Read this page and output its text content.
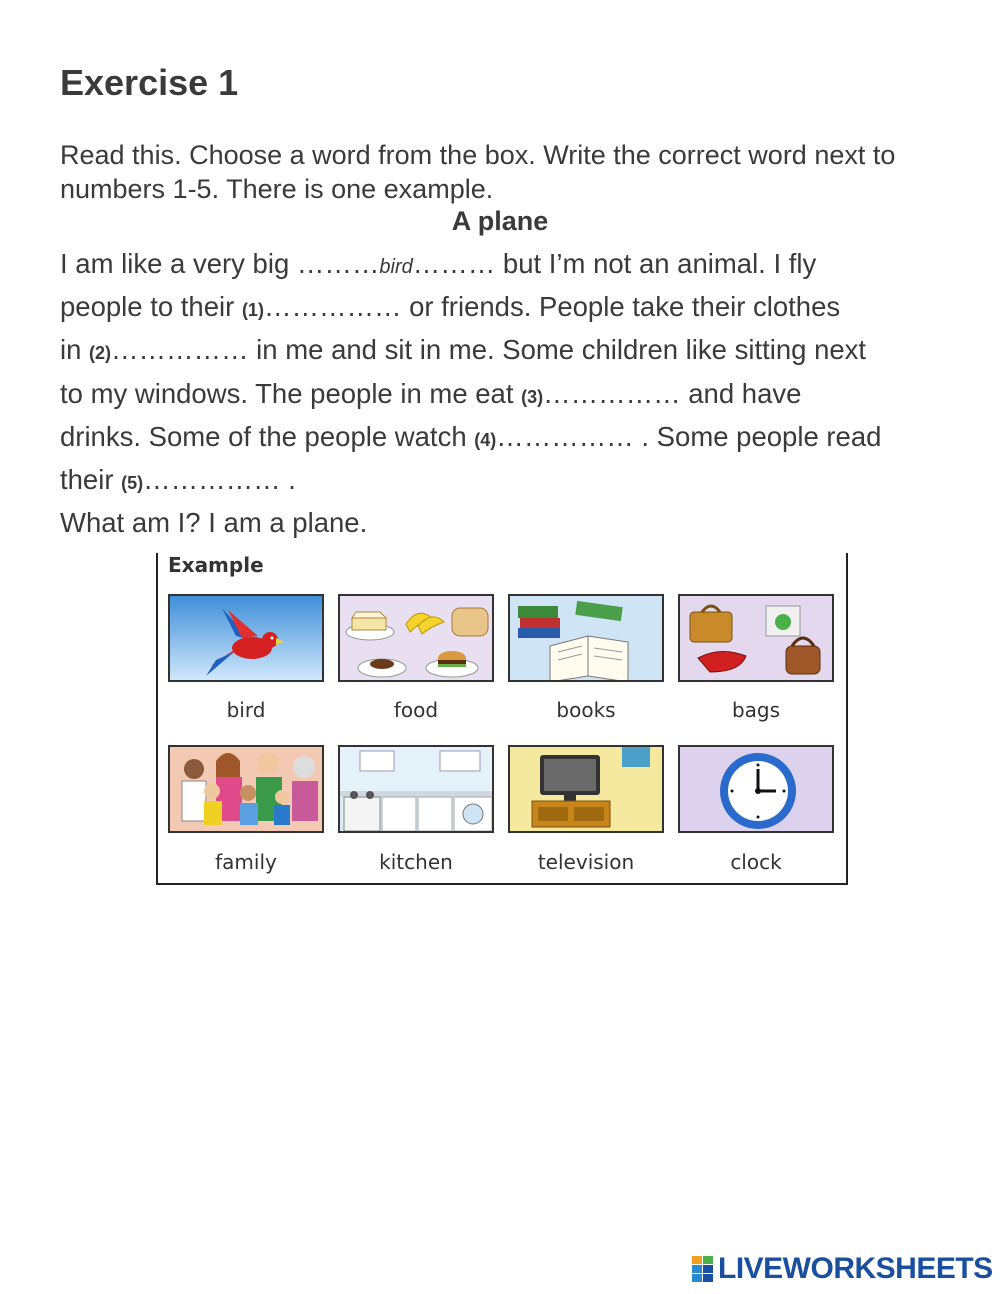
Exercise 1
Read this. Choose a word from the box. Write the correct word next to numbers 1-5. There is one example.
A plane
I am like a very big ………bird……… but I’m not an animal. I fly
people to their (1)…………… or friends. People take their clothes
in (2)…………… in me and sit in me. Some children like sitting next
to my windows. The people in me eat (3)…………… and have
drinks. Some of the people watch (4)…………… . Some people read
their (5)…………… .
What am I? I am a plane.
Example
bird	food	books	bags
family	kitchen	television	clock
LIVEWORKSHEETS
